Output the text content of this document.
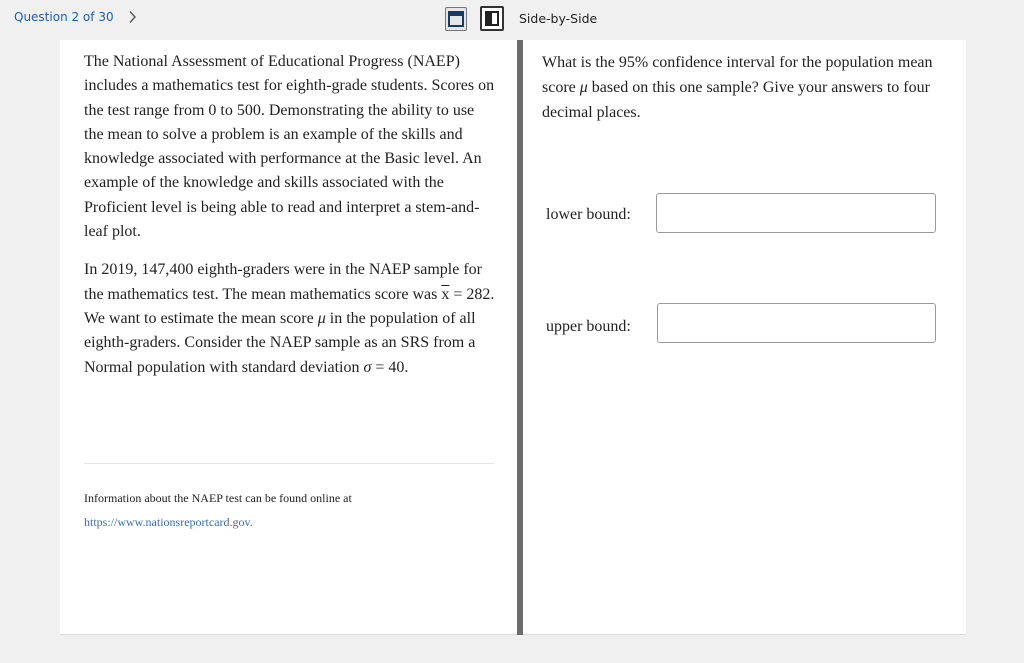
Question 2 of 30	Side-by-Side

The National Assessment of Educational Progress (NAEP) includes a mathematics test for eighth-grade students. Scores on the test range from 0 to 500. Demonstrating the ability to use the mean to solve a problem is an example of the skills and knowledge associated with performance at the Basic level. An example of the knowledge and skills associated with the Proficient level is being able to read and interpret a stem-and-leaf plot.

In 2019, 147,400 eighth-graders were in the NAEP sample for the mathematics test. The mean mathematics score was $\overline{x} = 282$. We want to estimate the mean score μ in the population of all eighth-graders. Consider the NAEP sample as an SRS from a Normal population with standard deviation σ = 40.

Information about the NAEP test can be found online at
https://www.nationsreportcard.gov.

What is the 95% confidence interval for the population mean score μ based on this one sample? Give your answers to four decimal places.

lower bound:
upper bound:
